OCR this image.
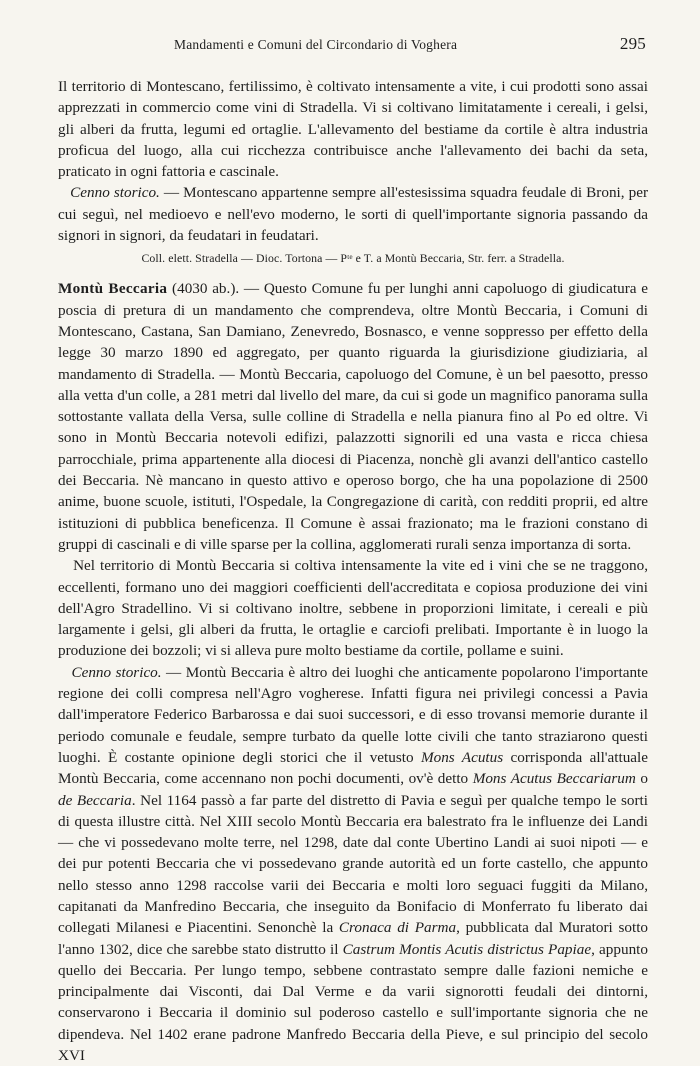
Mandamenti e Comuni del Circondario di Voghera	295

Il territorio di Montescano, fertilissimo, è coltivato intensamente a vite, i cui prodotti sono assai apprezzati in commercio come vini di Stradella. Vi si coltivano limitatamente i cereali, i gelsi, gli alberi da frutta, legumi ed ortaglie. L'allevamento del bestiame da cortile è altra industria proficua del luogo, alla cui ricchezza contribuisce anche l'allevamento dei bachi da seta, praticato in ogni fattoria e cascinale.

Cenno storico. — Montescano appartenne sempre all'estesissima squadra feudale di Broni, per cui seguì, nel medioevo e nell'evo moderno, le sorti di quell'importante signoria passando da signori in signori, da feudatari in feudatari.

Coll. elett. Stradella — Dioc. Tortona — Pᵗᵉ e T. a Montù Beccaria, Str. ferr. a Stradella.

Montù Beccaria (4030 ab.). — Questo Comune fu per lunghi anni capoluogo di giudicatura e poscia di pretura di un mandamento che comprendeva, oltre Montù Beccaria, i Comuni di Montescano, Castana, San Damiano, Zenevredo, Bosnasco, e venne soppresso per effetto della legge 30 marzo 1890 ed aggregato, per quanto riguarda la giurisdizione giudiziaria, al mandamento di Stradella. — Montù Beccaria, capoluogo del Comune, è un bel paesotto, presso alla vetta d'un colle, a 281 metri dal livello del mare, da cui si gode un magnifico panorama sulla sottostante vallata della Versa, sulle colline di Stradella e nella pianura fino al Po ed oltre. Vi sono in Montù Beccaria notevoli edifizi, palazzotti signorili ed una vasta e ricca chiesa parrocchiale, prima appartenente alla diocesi di Piacenza, nonchè gli avanzi dell'antico castello dei Beccaria. Nè mancano in questo attivo e operoso borgo, che ha una popolazione di 2500 anime, buone scuole, istituti, l'Ospedale, la Congregazione di carità, con redditi proprii, ed altre istituzioni di pubblica beneficenza. Il Comune è assai frazionato; ma le frazioni constano di gruppi di cascinali e di ville sparse per la collina, agglomerati rurali senza importanza di sorta.

Nel territorio di Montù Beccaria si coltiva intensamente la vite ed i vini che se ne traggono, eccellenti, formano uno dei maggiori coefficienti dell'accreditata e copiosa produzione dei vini dell'Agro Stradellino. Vi si coltivano inoltre, sebbene in proporzioni limitate, i cereali e più largamente i gelsi, gli alberi da frutta, le ortaglie e carciofi prelibati. Importante è in luogo la produzione dei bozzoli; vi si alleva pure molto bestiame da cortile, pollame e suini.

Cenno storico. — Montù Beccaria è altro dei luoghi che anticamente popolarono l'importante regione dei colli compresa nell'Agro vogherese. Infatti figura nei privilegi concessi a Pavia dall'imperatore Federico Barbarossa e dai suoi successori, e di esso trovansi memorie durante il periodo comunale e feudale, sempre turbato da quelle lotte civili che tanto straziarono questi luoghi. È costante opinione degli storici che il vetusto Mons Acutus corrisponda all'attuale Montù Beccaria, come accennano non pochi documenti, ov'è detto Mons Acutus Beccariarum o de Beccaria. Nel 1164 passò a far parte del distretto di Pavia e seguì per qualche tempo le sorti di questa illustre città. Nel XIII secolo Montù Beccaria era balestrato fra le influenze dei Landi — che vi possedevano molte terre, nel 1298, date dal conte Ubertino Landi ai suoi nipoti — e dei pur potenti Beccaria che vi possedevano grande autorità ed un forte castello, che appunto nello stesso anno 1298 raccolse varii dei Beccaria e molti loro seguaci fuggiti da Milano, capitanati da Manfredino Beccaria, che inseguito da Bonifacio di Monferrato fu liberato dai collegati Milanesi e Piacentini. Senonchè la Cronaca di Parma, pubblicata dal Muratori sotto l'anno 1302, dice che sarebbe stato distrutto il Castrum Montis Acutis districtus Papiae, appunto quello dei Beccaria. Per lungo tempo, sebbene contrastato sempre dalle fazioni nemiche e principalmente dai Visconti, dai Dal Verme e da varii signorotti feudali dei dintorni, conservarono i Beccaria il dominio sul poderoso castello e sull'importante signoria che ne dipendeva. Nel 1402 erane padrone Manfredo Beccaria della Pieve, e sul principio del secolo XVI
